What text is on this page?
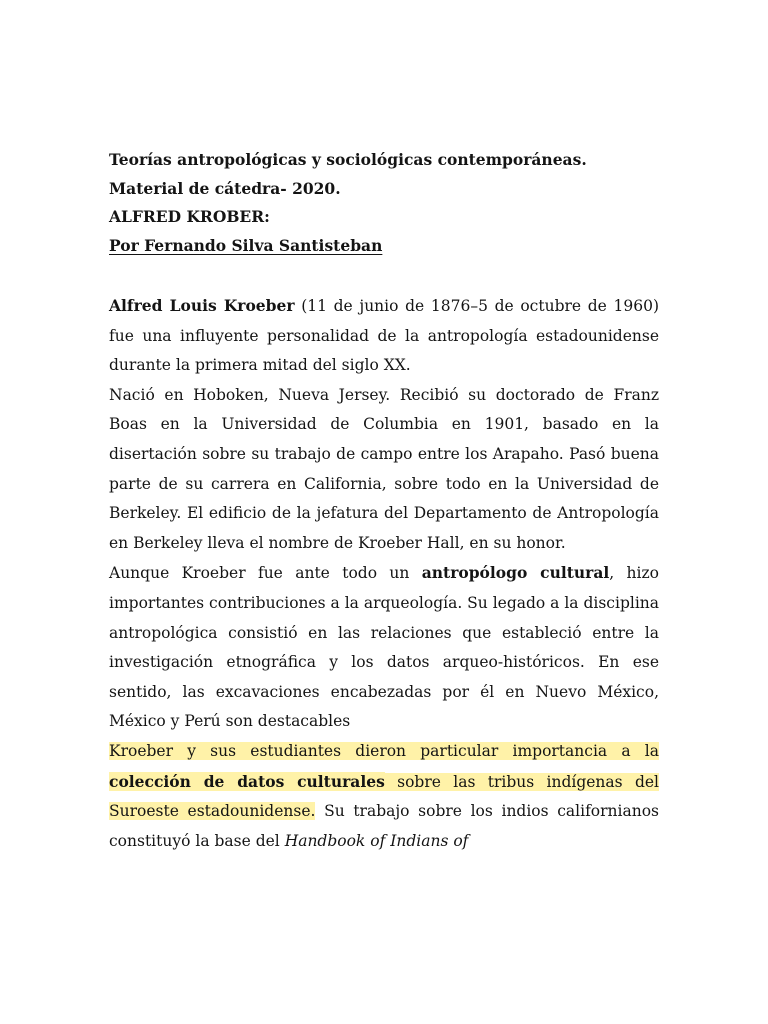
Teorías antropológicas y sociológicas contemporáneas.
Material de cátedra- 2020.
ALFRED KROBER:
Por Fernando Silva Santisteban

Alfred Louis Kroeber (11 de junio de 1876–5 de octubre de 1960) fue una influyente personalidad de la antropología estadounidense durante la primera mitad del siglo XX.

Nació en Hoboken, Nueva Jersey. Recibió su doctorado de Franz Boas en la Universidad de Columbia en 1901, basado en la disertación sobre su trabajo de campo entre los Arapaho. Pasó buena parte de su carrera en California, sobre todo en la Universidad de Berkeley. El edificio de la jefatura del Departamento de Antropología en Berkeley lleva el nombre de Kroeber Hall, en su honor.

Aunque Kroeber fue ante todo un antropólogo cultural, hizo importantes contribuciones a la arqueología. Su legado a la disciplina antropológica consistió en las relaciones que estableció entre la investigación etnográfica y los datos arqueo-históricos. En ese sentido, las excavaciones encabezadas por él en Nuevo México, México y Perú son destacables

Kroeber y sus estudiantes dieron particular importancia a la colección de datos culturales sobre las tribus indígenas del Suroeste estadounidense. Su trabajo sobre los indios californianos constituyó la base del Handbook of Indians of
